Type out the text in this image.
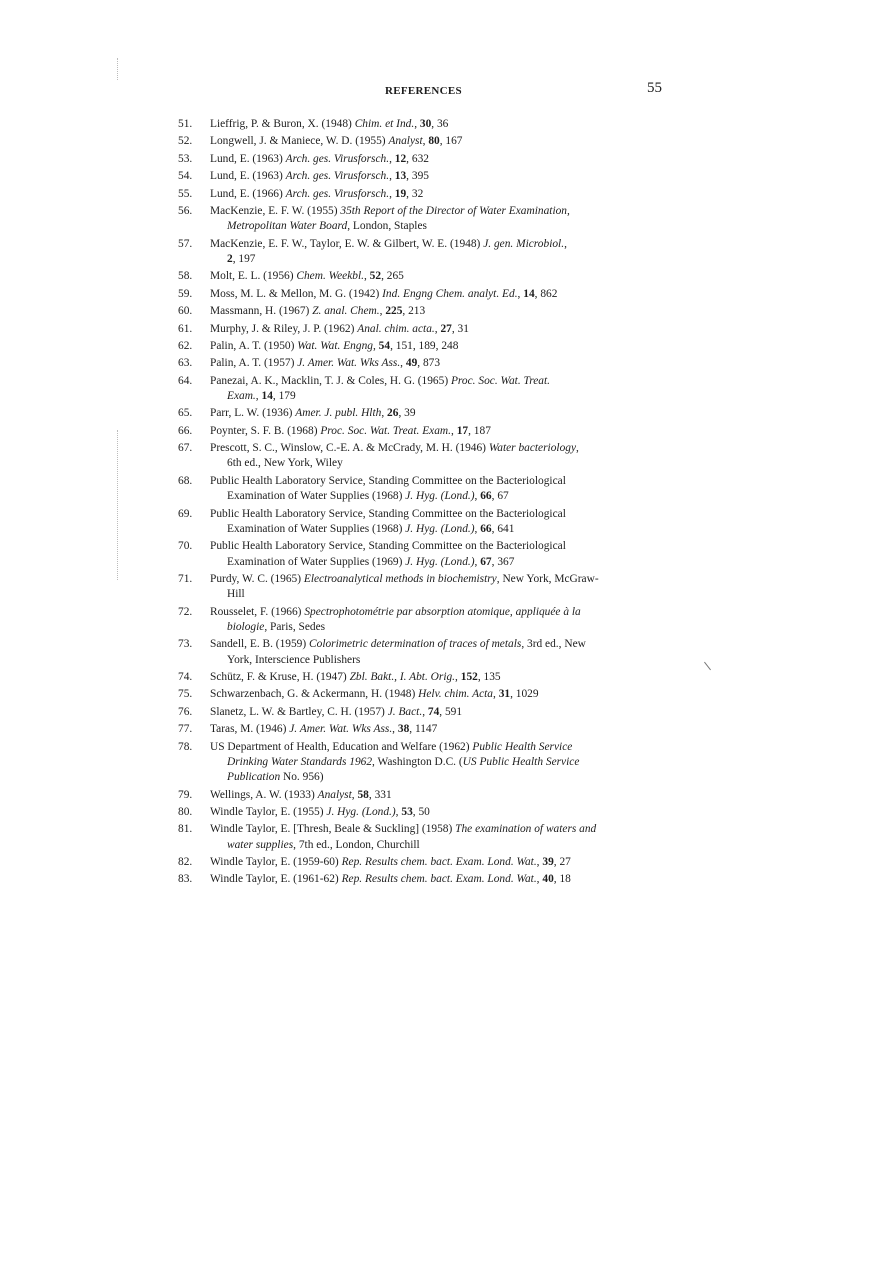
REFERENCES	55
51. Lieffrig, P. & Buron, X. (1948) Chim. et Ind., 30, 36
52. Longwell, J. & Maniece, W. D. (1955) Analyst, 80, 167
53. Lund, E. (1963) Arch. ges. Virusforsch., 12, 632
54. Lund, E. (1963) Arch. ges. Virusforsch., 13, 395
55. Lund, E. (1966) Arch. ges. Virusforsch., 19, 32
56. MacKenzie, E. F. W. (1955) 35th Report of the Director of Water Examination,
Metropolitan Water Board, London, Staples
57. MacKenzie, E. F. W., Taylor, E. W. & Gilbert, W. E. (1948) J. gen. Microbiol.,
2, 197
58. Molt, E. L. (1956) Chem. Weekbl., 52, 265
59. Moss, M. L. & Mellon, M. G. (1942) Ind. Engng Chem. analyt. Ed., 14, 862
60. Massmann, H. (1967) Z. anal. Chem., 225, 213
61. Murphy, J. & Riley, J. P. (1962) Anal. chim. acta., 27, 31
62. Palin, A. T. (1950) Wat. Wat. Engng, 54, 151, 189, 248
63. Palin, A. T. (1957) J. Amer. Wat. Wks Ass., 49, 873
64. Panezai, A. K., Macklin, T. J. & Coles, H. G. (1965) Proc. Soc. Wat. Treat.
Exam., 14, 179
65. Parr, L. W. (1936) Amer. J. publ. Hlth, 26, 39
66. Poynter, S. F. B. (1968) Proc. Soc. Wat. Treat. Exam., 17, 187
67. Prescott, S. C., Winslow, C.-E. A. & McCrady, M. H. (1946) Water bacteriology,
6th ed., New York, Wiley
68. Public Health Laboratory Service, Standing Committee on the Bacteriological
Examination of Water Supplies (1968) J. Hyg. (Lond.), 66, 67
69. Public Health Laboratory Service, Standing Committee on the Bacteriological
Examination of Water Supplies (1968) J. Hyg. (Lond.), 66, 641
70. Public Health Laboratory Service, Standing Committee on the Bacteriological
Examination of Water Supplies (1969) J. Hyg. (Lond.), 67, 367
71. Purdy, W. C. (1965) Electroanalytical methods in biochemistry, New York, McGraw-
Hill
72. Rousselet, F. (1966) Spectrophotométrie par absorption atomique, appliquée à la
biologie, Paris, Sedes
73. Sandell, E. B. (1959) Colorimetric determination of traces of metals, 3rd ed., New
York, Interscience Publishers
74. Schütz, F. & Kruse, H. (1947) Zbl. Bakt., I. Abt. Orig., 152, 135
75. Schwarzenbach, G. & Ackermann, H. (1948) Helv. chim. Acta, 31, 1029
76. Slanetz, L. W. & Bartley, C. H. (1957) J. Bact., 74, 591
77. Taras, M. (1946) J. Amer. Wat. Wks Ass., 38, 1147
78. US Department of Health, Education and Welfare (1962) Public Health Service
Drinking Water Standards 1962, Washington D.C. (US Public Health Service
Publication No. 956)
79. Wellings, A. W. (1933) Analyst, 58, 331
80. Windle Taylor, E. (1955) J. Hyg. (Lond.), 53, 50
81. Windle Taylor, E. [Thresh, Beale & Suckling] (1958) The examination of waters and
water supplies, 7th ed., London, Churchill
82. Windle Taylor, E. (1959-60) Rep. Results chem. bact. Exam. Lond. Wat., 39, 27
83. Windle Taylor, E. (1961-62) Rep. Results chem. bact. Exam. Lond. Wat., 40, 18
